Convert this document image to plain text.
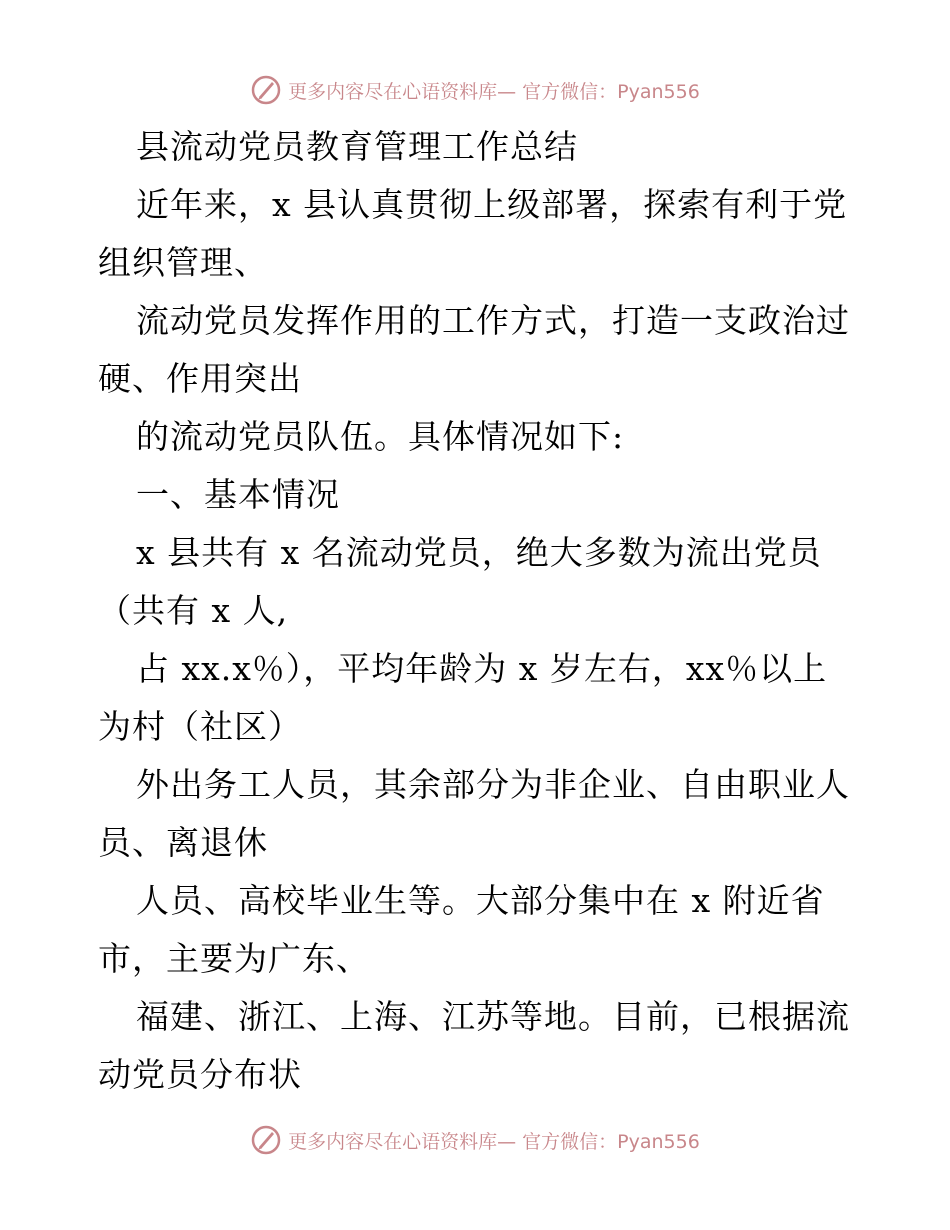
更多内容尽在心语资料库— 官方微信：Pyan556
县流动党员教育管理工作总结
近年来，x 县认真贯彻上级部署，探索有利于党
组织管理、
流动党员发挥作用的工作方式，打造一支政治过
硬、作用突出
的流动党员队伍。具体情况如下:
一、基本情况
x 县共有 x 名流动党员，绝大多数为流出党员
（共有 x 人,
占 xx.x％），平均年龄为 x 岁左右，xx％以上
为村（社区）
外出务工人员，其余部分为非企业、自由职业人
员、离退休
人员、高校毕业生等。大部分集中在 x 附近省
市，主要为广东、
福建、浙江、上海、江苏等地。目前，已根据流
动党员分布状
更多内容尽在心语资料库— 官方微信：Pyan556
